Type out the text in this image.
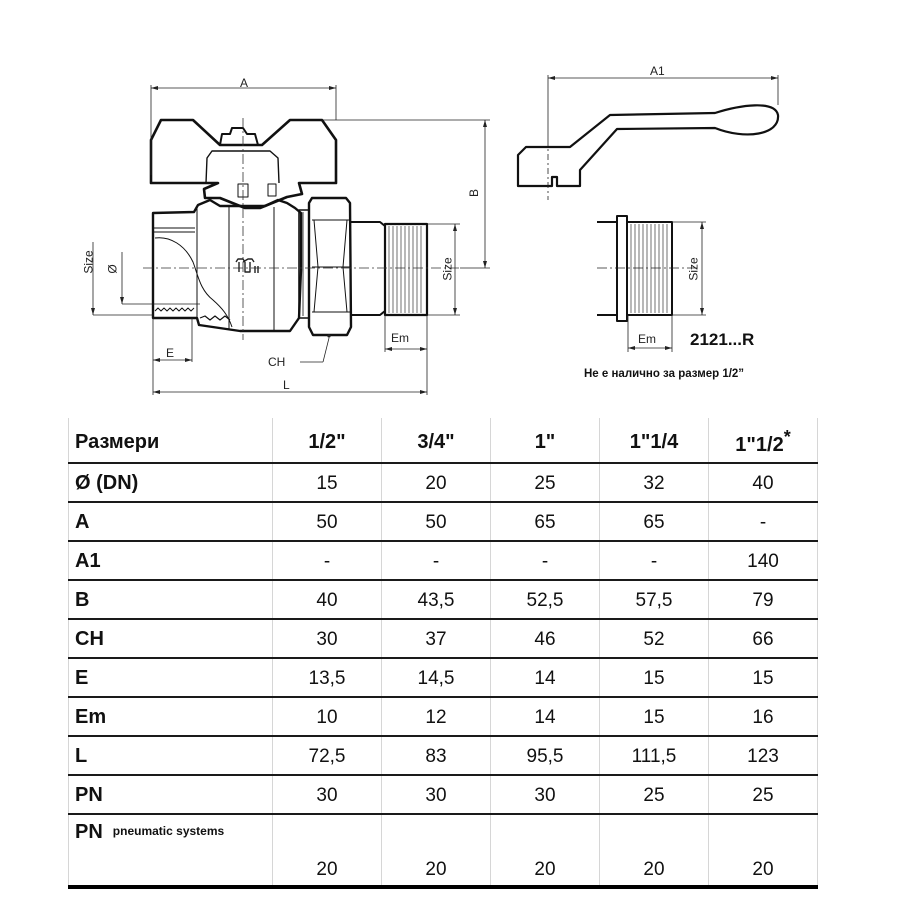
A
B
Size Ø	Size
E
Em
CH
L
A1
Size
Em 2121...R
Не е налично за размер 1/2”
Размери	1/2"	3/4"	1"	1"1/4	1"1/2*
Ø (DN)	15	20	25	32	40
A	50	50	65	65	-
A1	-	-	-	-	140
B	40	43,5	52,5	57,5	79
CH	30	37	46	52	66
E	13,5	14,5	14	15	15
Em	10	12	14	15	16
L	72,5	83	95,5	111,5	123
PN	30	30	30	25	25
PN $^{pneumatic systems}$	20	20	20	20	20
